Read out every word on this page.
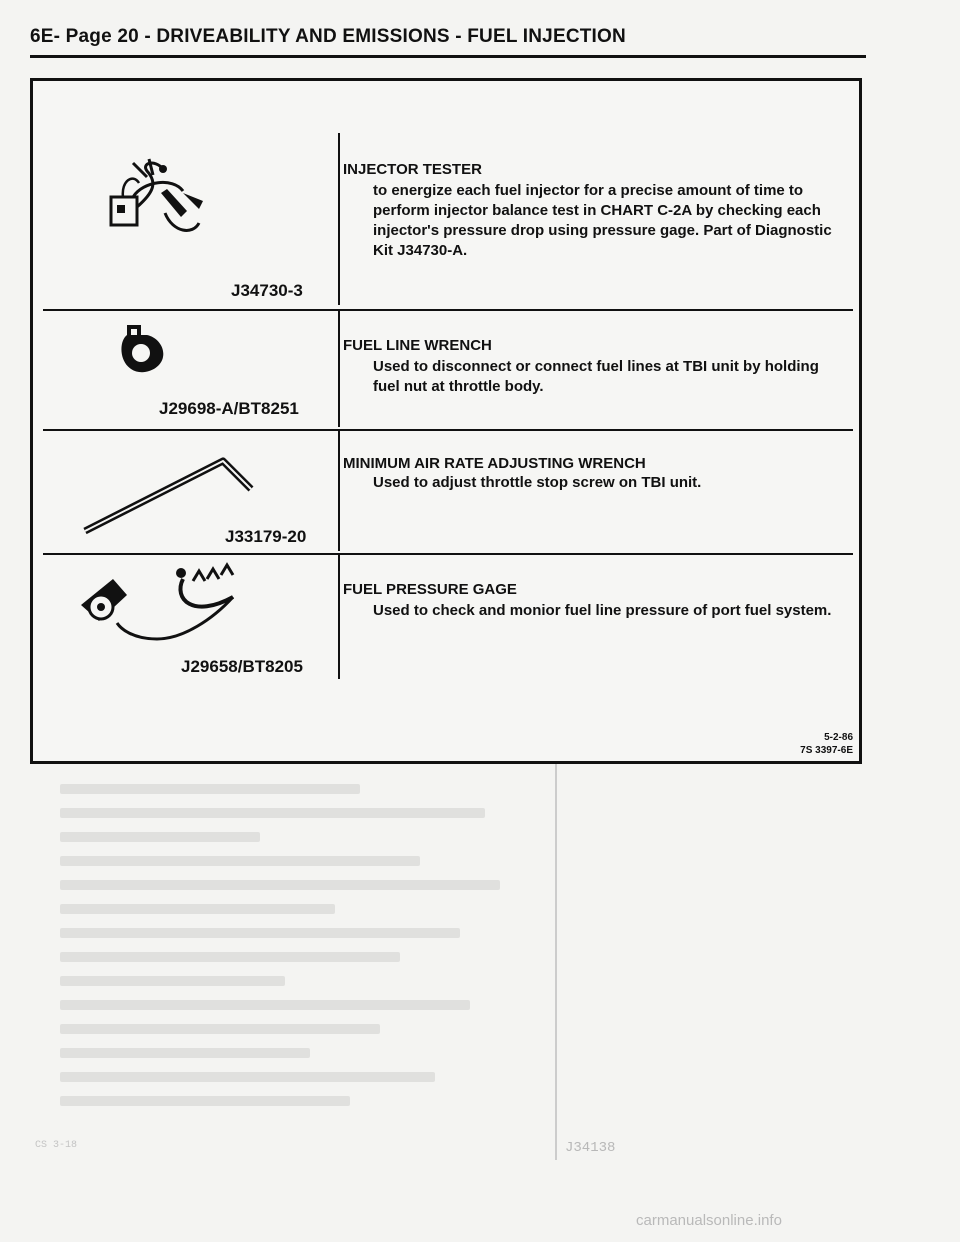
6E- Page 20 - DRIVEABILITY AND EMISSIONS - FUEL INJECTION
J34138
CS 3-18
J34730-3
INJECTOR TESTER
to energize each fuel injector for a precise amount of time to perform injector balance test in CHART C-2A by checking each injector's pressure drop using pressure gage. Part of Diagnostic Kit J34730-A.
J29698-A/BT8251
FUEL LINE WRENCH
Used to disconnect or connect fuel lines at TBI unit by holding fuel nut at throttle body.
J33179-20
MINIMUM AIR RATE ADJUSTING WRENCH
Used to adjust throttle stop screw on TBI unit.
J29658/BT8205
FUEL PRESSURE GAGE
Used to check and monior fuel line pressure of port fuel system.
5-2-86
7S 3397-6E
carmanualsonline.info
